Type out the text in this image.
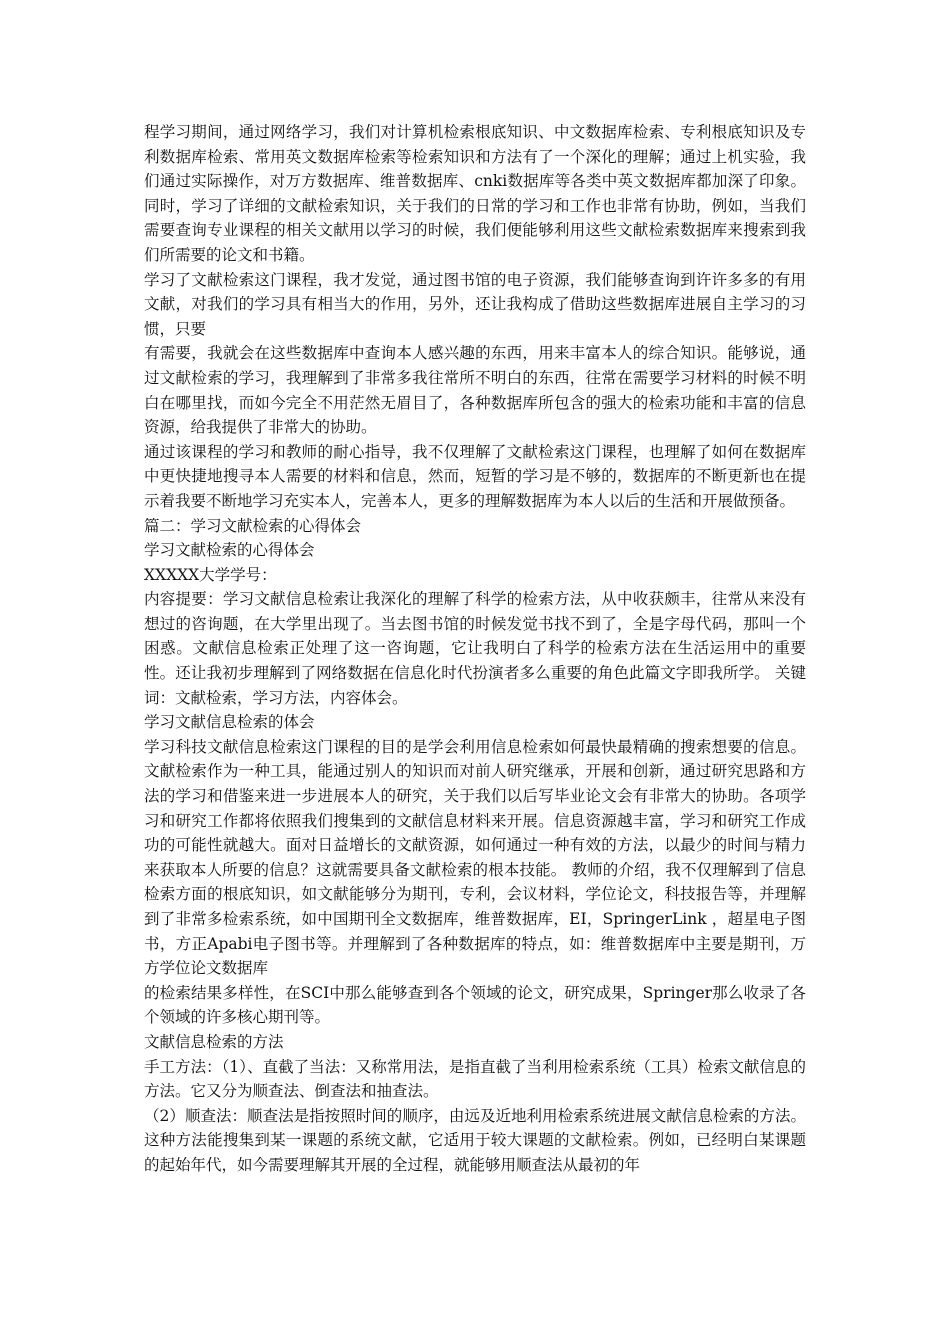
程学习期间，通过网络学习，我们对计算机检索根底知识、中文数据库检索、专利根底知识及专利数据库检索、常用英文数据库检索等检索知识和方法有了一个深化的理解；通过上机实验，我们通过实际操作，对万方数据库、维普数据库、cnki数据库等各类中英文数据库都加深了印象。同时，学习了详细的文献检索知识，关于我们的日常的学习和工作也非常有协助，例如，当我们需要查询专业课程的相关文献用以学习的时候，我们便能够利用这些文献检索数据库来搜索到我们所需要的论文和书籍。

学习了文献检索这门课程，我才发觉，通过图书馆的电子资源，我们能够查询到许许多多的有用文献，对我们的学习具有相当大的作用，另外，还让我构成了借助这些数据库进展自主学习的习惯，只要

有需要，我就会在这些数据库中查询本人感兴趣的东西，用来丰富本人的综合知识。能够说，通过文献检索的学习，我理解到了非常多我往常所不明白的东西，往常在需要学习材料的时候不明白在哪里找，而如今完全不用茫然无眉目了，各种数据库所包含的强大的检索功能和丰富的信息资源，给我提供了非常大的协助。

通过该课程的学习和教师的耐心指导，我不仅理解了文献检索这门课程，也理解了如何在数据库中更快捷地搜寻本人需要的材料和信息，然而，短暂的学习是不够的，数据库的不断更新也在提示着我要不断地学习充实本人，完善本人，更多的理解数据库为本人以后的生活和开展做预备。

篇二：学习文献检索的心得体会

学习文献检索的心得体会

XXXXX大学学号：

内容提要：学习文献信息检索让我深化的理解了科学的检索方法，从中收获颇丰，往常从来没有想过的咨询题，在大学里出现了。当去图书馆的时候发觉书找不到了，全是字母代码，那叫一个困惑。文献信息检索正处理了这一咨询题，它让我明白了科学的检索方法在生活运用中的重要性。还让我初步理解到了网络数据在信息化时代扮演者多么重要的角色此篇文字即我所学。 关键词：文献检索，学习方法，内容体会。

学习文献信息检索的体会

学习科技文献信息检索这门课程的目的是学会利用信息检索如何最快最精确的搜索想要的信息。文献检索作为一种工具，能通过别人的知识而对前人研究继承，开展和创新，通过研究思路和方法的学习和借鉴来进一步进展本人的研究，关于我们以后写毕业论文会有非常大的协助。各项学习和研究工作都将依照我们搜集到的文献信息材料来开展。信息资源越丰富，学习和研究工作成功的可能性就越大。面对日益增长的文献资源，如何通过一种有效的方法，以最少的时间与精力来获取本人所要的信息？这就需要具备文献检索的根本技能。 教师的介绍，我不仅理解到了信息检索方面的根底知识，如文献能够分为期刊，专利，会议材料，学位论文，科技报告等，并理解到了非常多检索系统，如中国期刊全文数据库，维普数据库，EI，SpringerLink ，超星电子图书，方正Apabi电子图书等。并理解到了各种数据库的特点，如：维普数据库中主要是期刊，万方学位论文数据库

的检索结果多样性，在SCI中那么能够查到各个领域的论文，研究成果，Springer那么收录了各个领域的许多核心期刊等。

文献信息检索的方法

手工方法：（1）、直截了当法：又称常用法，是指直截了当利用检索系统（工具）检索文献信息的方法。它又分为顺查法、倒查法和抽查法。

（2）顺查法：顺查法是指按照时间的顺序，由远及近地利用检索系统进展文献信息检索的方法。这种方法能搜集到某一课题的系统文献，它适用于较大课题的文献检索。例如，已经明白某课题的起始年代，如今需要理解其开展的全过程，就能够用顺查法从最初的年
